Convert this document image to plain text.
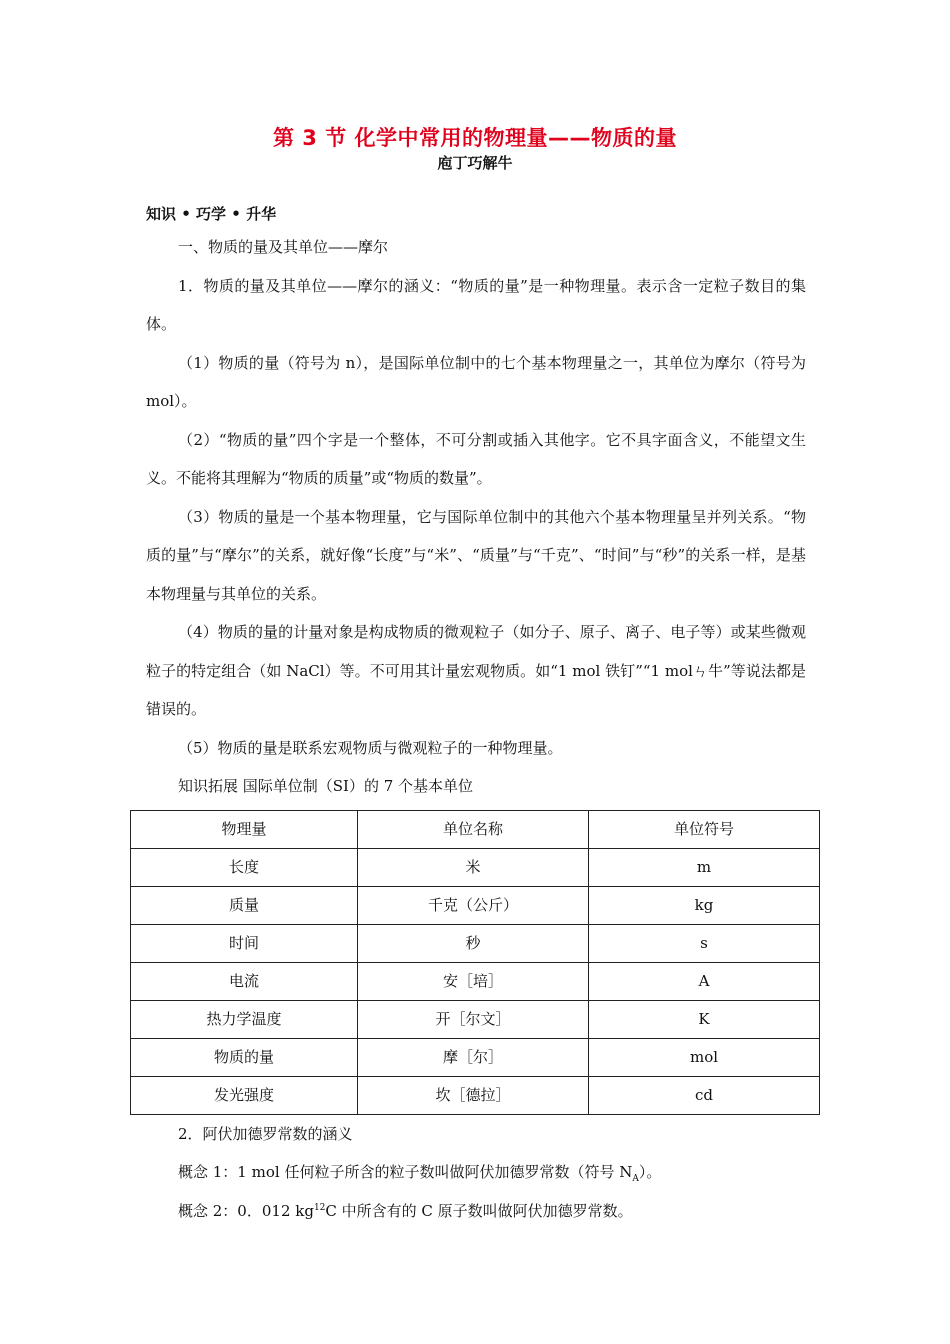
第 3 节 化学中常用的物理量——物质的量
庖丁巧解牛
知识 • 巧学 • 升华

一、物质的量及其单位——摩尔

1．物质的量及其单位——摩尔的涵义：“物质的量”是一种物理量。表示含一定粒子数目的集体。

（1）物质的量（符号为 n），是国际单位制中的七个基本物理量之一，其单位为摩尔（符号为 mol）。

（2）“物质的量”四个字是一个整体，不可分割或插入其他字。它不具字面含义，不能望文生义。不能将其理解为“物质的质量”或“物质的数量”。

（3）物质的量是一个基本物理量，它与国际单位制中的其他六个基本物理量呈并列关系。“物质的量”与“摩尔”的关系，就好像“长度”与“米”、“质量”与“千克”、“时间”与“秒”的关系一样，是基本物理量与其单位的关系。

（4）物质的量的计量对象是构成物质的微观粒子（如分子、原子、离子、电子等）或某些微观粒子的特定组合（如 NaCl）等。不可用其计量宏观物质。如“1 mol 铁钉”“1 molㄣ牛”等说法都是错误的。

（5）物质的量是联系宏观物质与微观粒子的一种物理量。

知识拓展 国际单位制（SI）的 7 个基本单位

物理量	单位名称	单位符号
长度	米	m
质量	千克（公斤）	kg
时间	秒	s
电流	安［培］	A
热力学温度	开［尔文］	K
物质的量	摩［尔］	mol
发光强度	坎［德拉］	cd

2．阿伏加德罗常数的涵义

概念 1：1 mol 任何粒子所含的粒子数叫做阿伏加德罗常数（符号 $N_A$）。

概念 2：0．012 $kg^{12}C$ 中所含有的 C 原子数叫做阿伏加德罗常数。
